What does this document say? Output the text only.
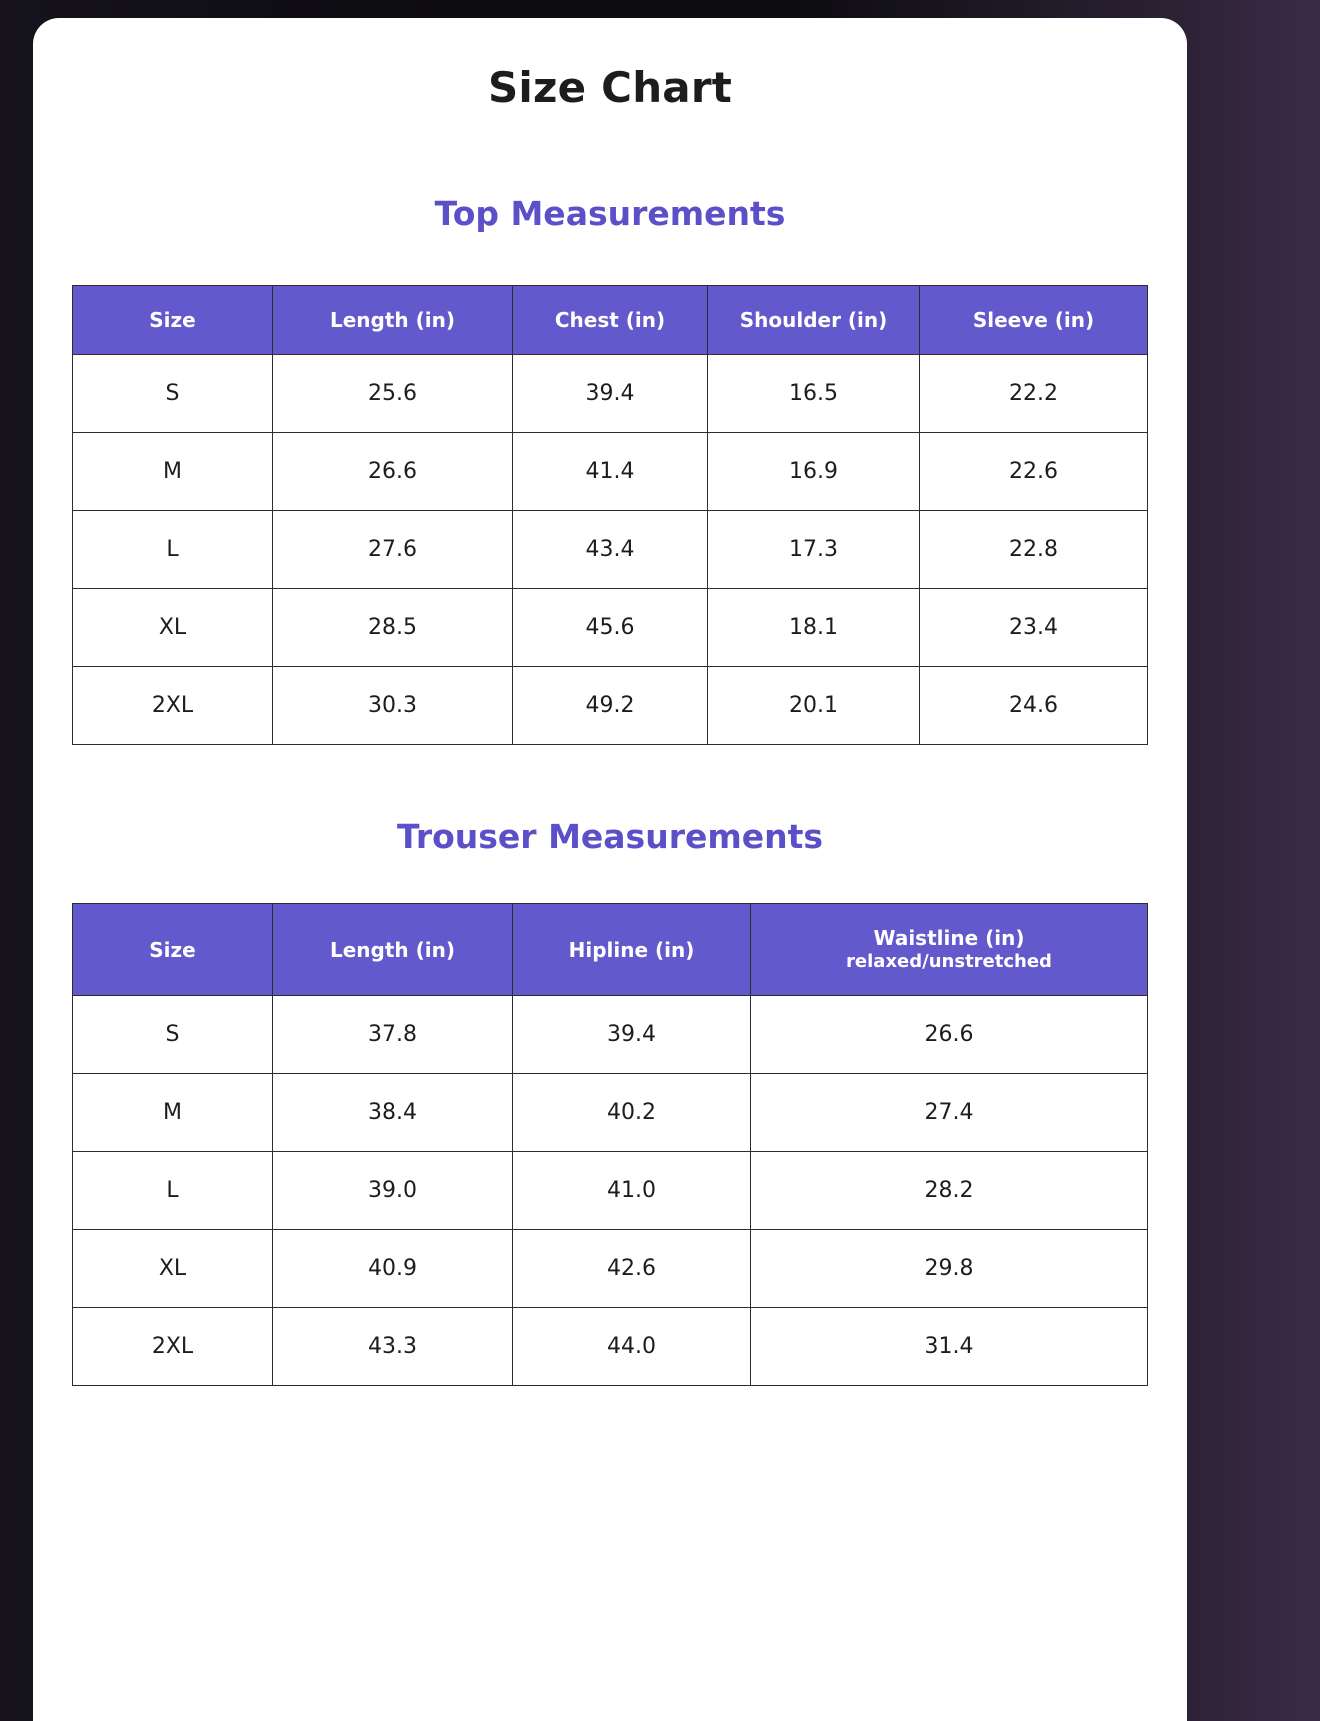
Size Chart
Top Measurements
Size	Length (in)	Chest (in)	Shoulder (in)	Sleeve (in)
S	25.6	39.4	16.5	22.2
M	26.6	41.4	16.9	22.6
L	27.6	43.4	17.3	22.8
XL	28.5	45.6	18.1	23.4
2XL	30.3	49.2	20.1	24.6
Trouser Measurements
Size	Length (in)	Hipline (in)	Waistline (in)
relaxed/unstretched

S	37.8	39.4	26.6
M	38.4	40.2	27.4
L	39.0	41.0	28.2
XL	40.9	42.6	29.8
2XL	43.3	44.0	31.4
